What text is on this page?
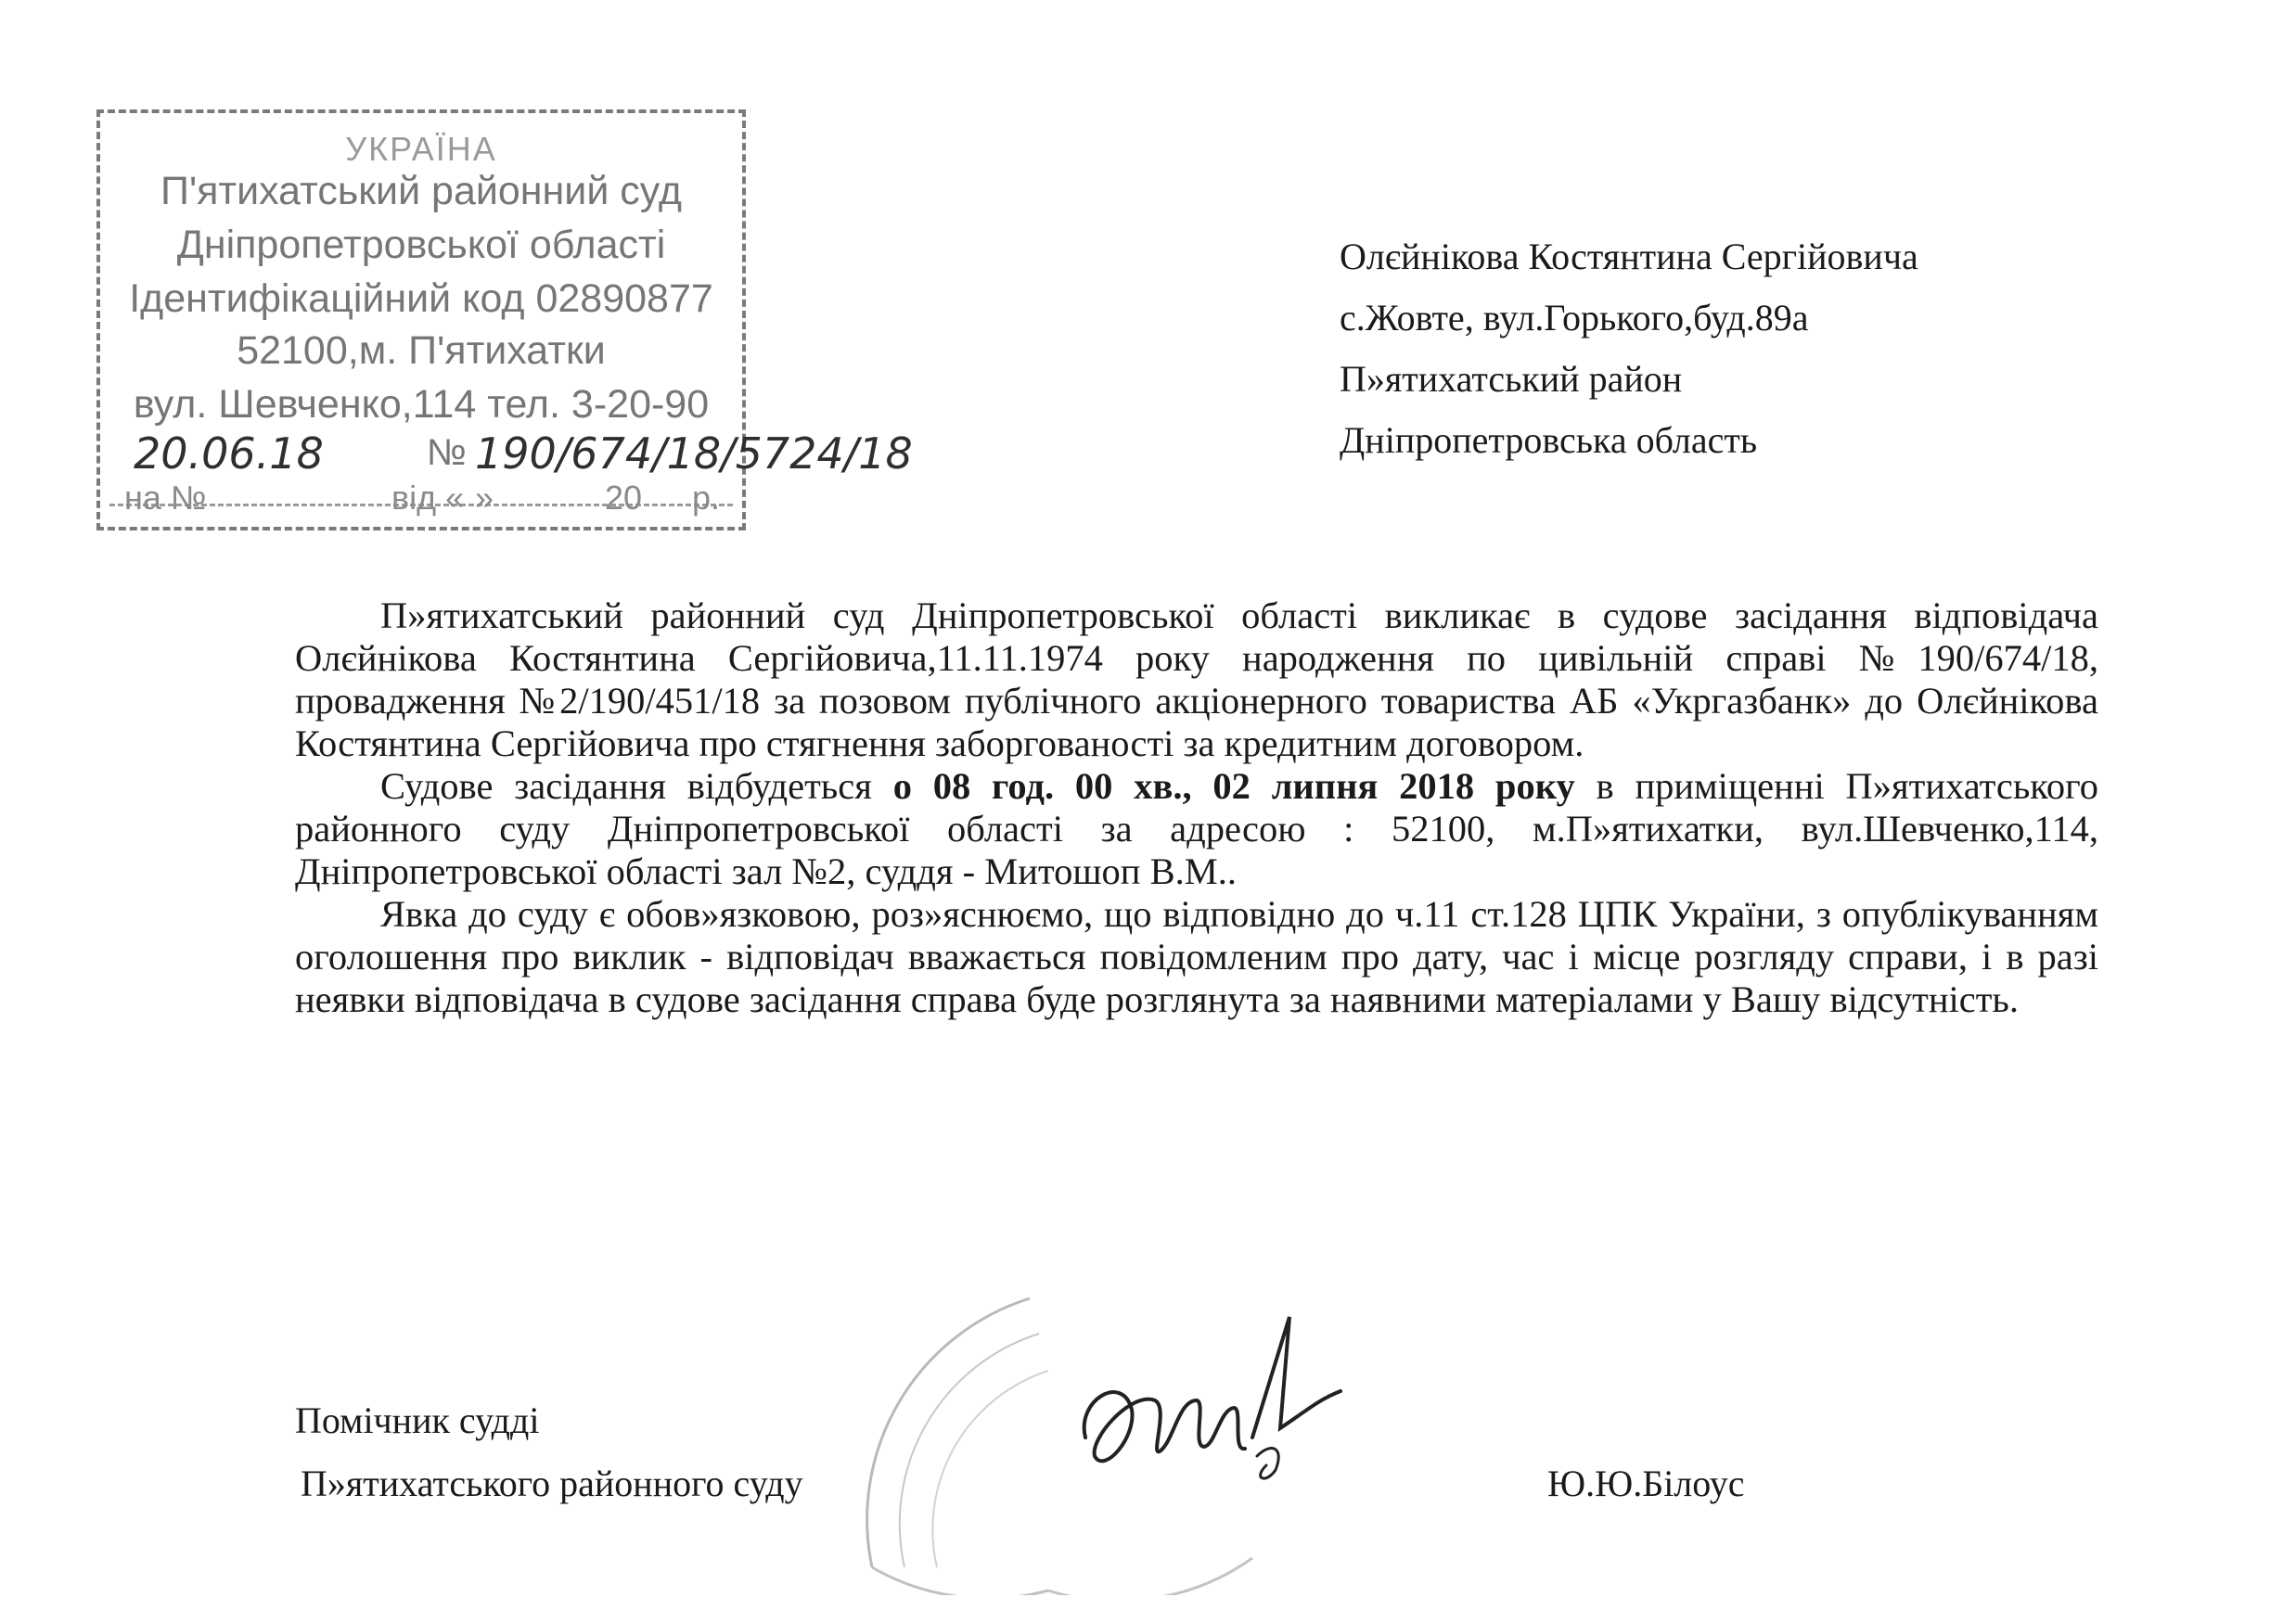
УКРАЇНА
П'ятихатський районний суд
Дніпропетровської області
Ідентифікаційний код 02890877
52100,м. П'ятихатки
вул. Шевченко,114 тел. 3-20-90
20.06.18	№ 190/674/18/5724/18
на №	від « »	20 р.
Олєйнікова Костянтина Сергійовича
с.Жовте, вул.Горького,буд.89а
П»ятихатський район
Дніпропетровська область

П»ятихатський районний суд Дніпропетровської області викликає в судове засідання відповідача Олєйнікова Костянтина Сергійовича,11.11.1974 року народження по цивільній справі №190/674/18, провадження №2/190/451/18 за позовом публічного акціонерного товариства АБ «Укргазбанк» до Олєйнікова Костянтина Сергійовича про стягнення заборгованості за кредитним договором.

Судове засідання відбудеться о 08 год. 00 хв., 02 липня 2018 року в приміщенні П»ятихатського районного суду Дніпропетровської області за адресою : 52100, м.П»ятихатки, вул.Шевченко,114, Дніпропетровської області зал №2, суддя - Митошоп В.М..

Явка до суду є обов»язковою, роз»яснюємо, що відповідно до ч.11 ст.128 ЦПК України, з опублікуванням оголошення про виклик - відповідач вважається повідомленим про дату, час і місце розгляду справи, і в разі неявки відповідача в судове засідання справа буде розглянута за наявними матеріалами у Вашу відсутність.

Помічник судді
П»ятихатського районного суду	Ю.Ю.Білоус
